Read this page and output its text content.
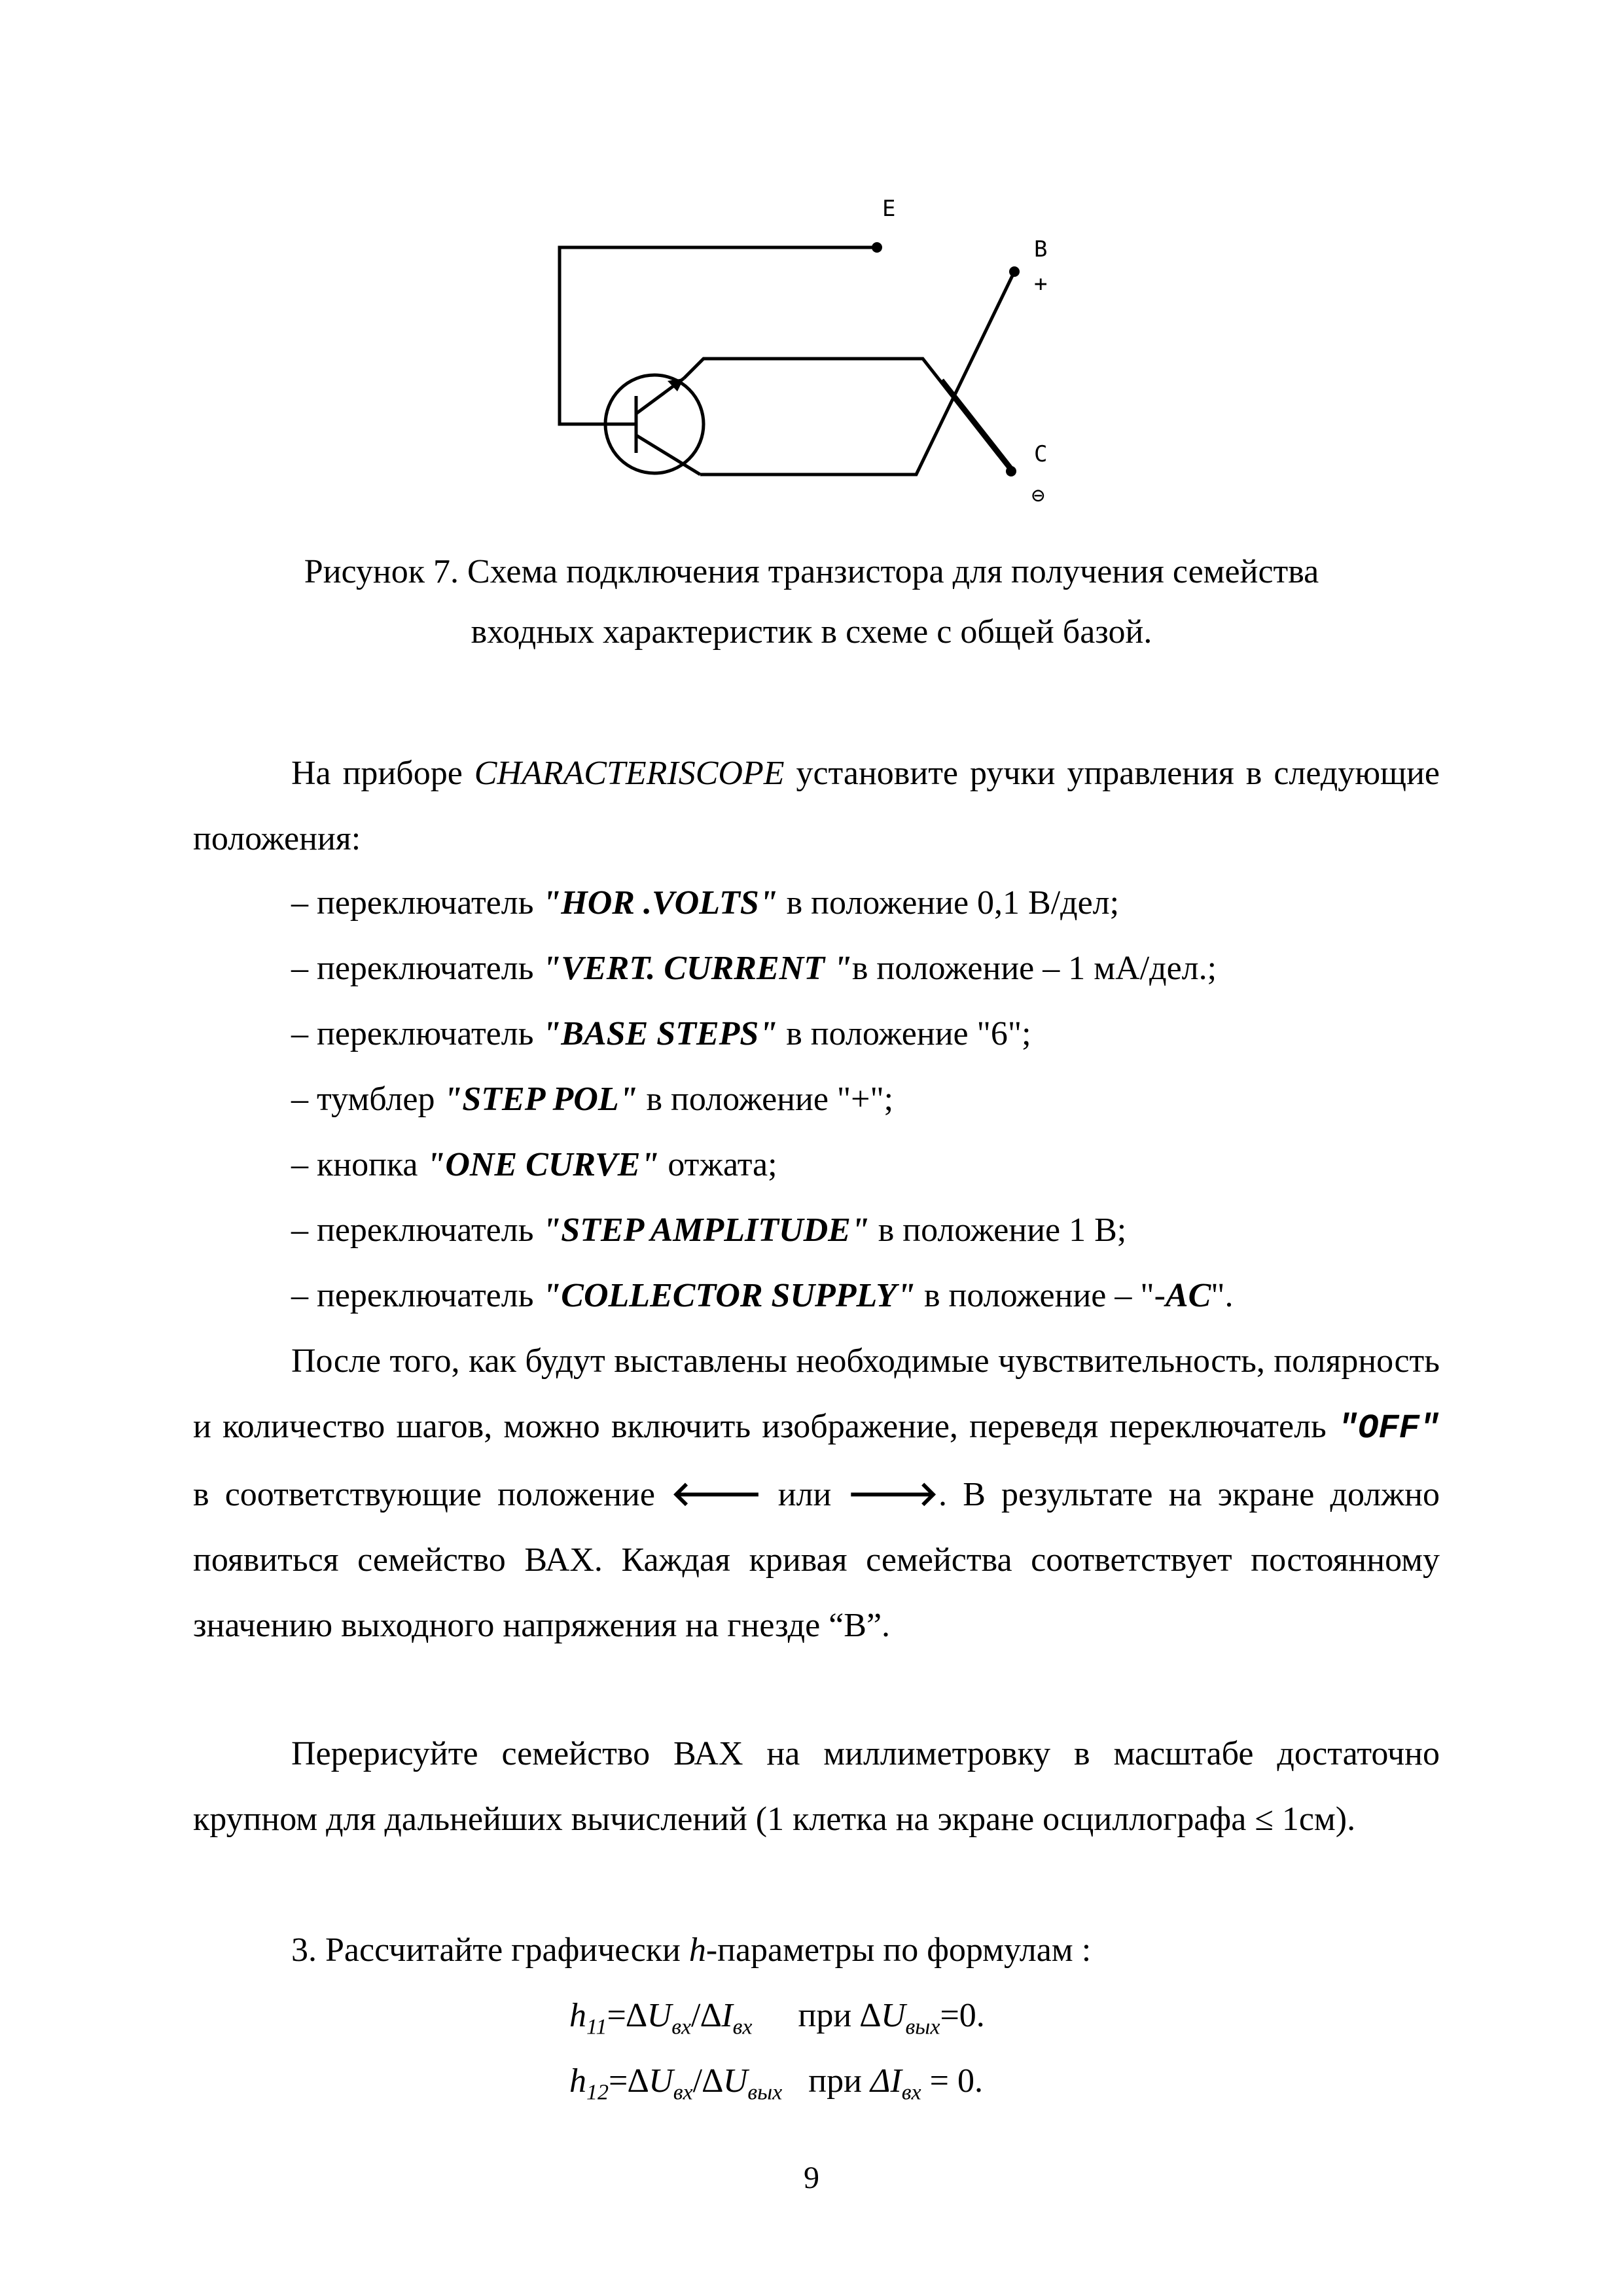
E
B
+
C
⊖
Рисунок 7. Схема подключения транзистора для получения семейства
входных характеристик в схеме с общей базой.
На приборе CHARACTERISCOPE установите ручки управления в следующие положения:
– переключатель "HOR .VOLTS" в положение 0,1 В/дел;
– переключатель "VERT. CURRENT "в положение – 1 мА/дел.;
– переключатель "BASE STEPS" в положение "6";
– тумблер "STEP POL" в положение "+";
– кнопка "ONE CURVE" отжата;
– переключатель "STEP AMPLITUDE" в положение 1 В;
– переключатель "COLLECTOR SUPPLY" в положение – "-AC".
После того, как будут выставлены необходимые чувствительность, полярность и количество шагов, можно включить изображение, переведя переключатель "OFF" в соответствующие положение 🡐 или 🡒. В результате на экране должно появиться семейство ВАХ. Каждая кривая семейства соответствует постоянному значению выходного напряжения на гнезде “В”.
Перерисуйте семейство ВАХ на миллиметровку в масштабе достаточно крупном для дальнейших вычислений (1 клетка на экране осциллографа ≤ 1см).
3. Рассчитайте графически h-параметры по формулам :
$h_{11}=\Delta U_{вх}/\Delta I_{вх}$ при $\Delta U_{вых}=0$.
$h_{12}=\Delta U_{вх}/\Delta U_{вых}$ при $\Delta I_{вх} = 0$.
9
